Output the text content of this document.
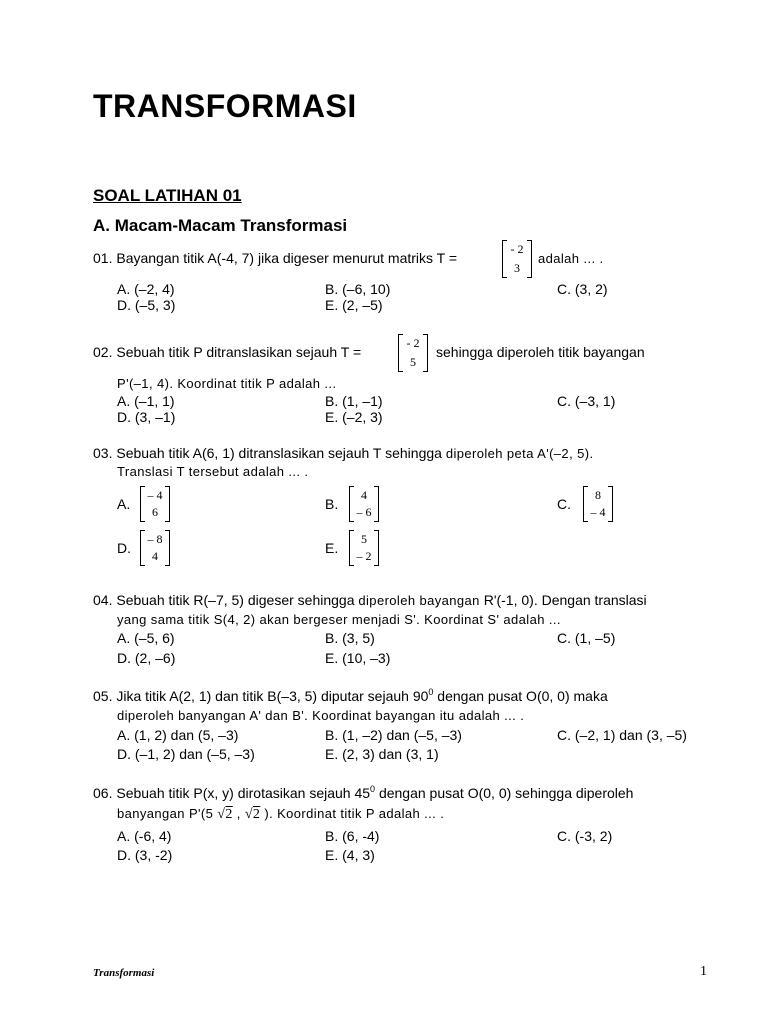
TRANSFORMASI
SOAL LATIHAN 01
A. Macam-Macam Transformasi
01. Bayangan titik A(-4, 7) jika digeser menurut matriks T =
- 2
3
adalah ... .
A. (–2, 4)	B. (–6, 10)	C. (3, 2)
D. (–5, 3)	E. (2, –5)
02. Sebuah titik P ditranslasikan sejauh T =
- 2
5
sehingga diperoleh titik bayangan
P'(–1, 4). Koordinat titik P adalah ...
A. (–1, 1)	B. (1, –1)	C. (–3, 1)
D. (3, –1)	E. (–2, 3)
03. Sebuah titik A(6, 1) ditranslasikan sejauh T sehingga diperoleh peta A'(–2, 5).
Translasi T tersebut adalah ... .
A.
– 4
6	B.
4
– 6	C.
8
– 4
D.
– 8
4	E.
5
– 2
04. Sebuah titik R(–7, 5) digeser sehingga diperoleh bayangan R'(-1, 0). Dengan translasi
yang sama titik S(4, 2) akan bergeser menjadi S'. Koordinat S' adalah ...
A. (–5, 6)	B. (3, 5)	C. (1, –5)
D. (2, –6)	E. (10, –3)
05. Jika titik A(2, 1) dan titik B(–3, 5) diputar sejauh $90^0$ dengan pusat O(0, 0) maka
diperoleh banyangan A' dan B'. Koordinat bayangan itu adalah ... .
A. (1, 2) dan (5, –3)	B. (1, –2) dan (–5, –3)	C. (–2, 1) dan (3, –5)
D. (–1, 2) dan (–5, –3)	E. (2, 3) dan (3, 1)
06. Sebuah titik P(x, y) dirotasikan sejauh $45^0$ dengan pusat O(0, 0) sehingga diperoleh
banyangan P'(5 √2 , √2 ). Koordinat titik P adalah ... .
A. (-6, 4)	B. (6, -4)	C. (-3, 2)
D. (3, -2)	E. (4, 3)
Transformasi	1
